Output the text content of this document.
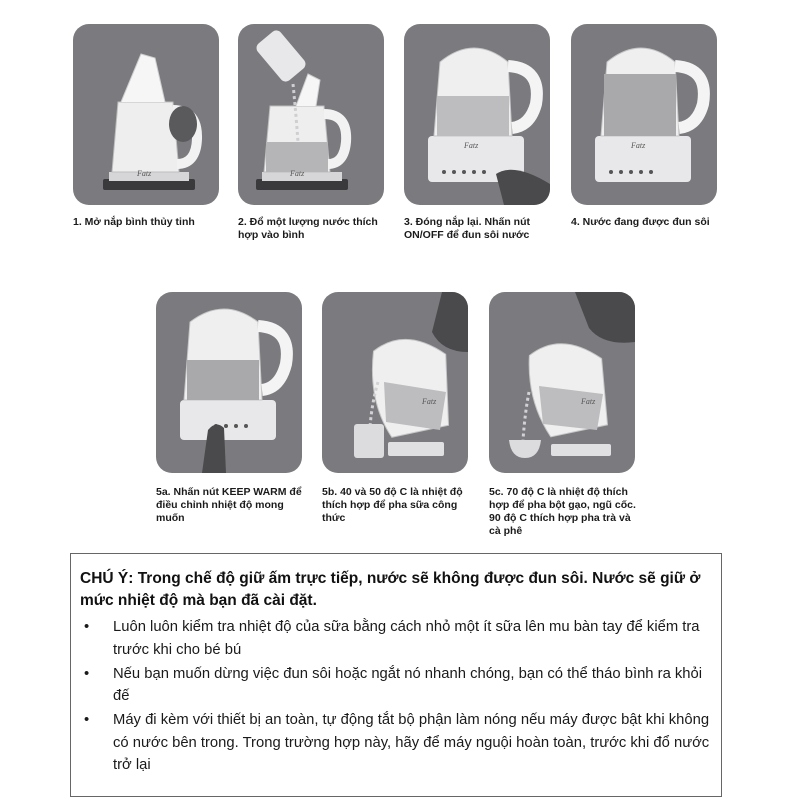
Fatz	Fatz
Fatz	Fatz
1. Mở nắp bình thủy tinh	2. Đổ một lượng nước thích hợp vào bình
3. Đóng nắp lại. Nhấn nút ON/OFF để đun sôi nước
4. Nước đang được đun sôi
Fatz	Fatz
5a. Nhấn nút KEEP WARM để điều chỉnh nhiệt độ mong muốn
5b. 40 và 50 độ C là nhiệt độ thích hợp để pha sữa công thức
5c. 70 độ C là nhiệt độ thích hợp để pha bột gạo, ngũ cốc. 90 độ C thích hợp pha trà và cà phê
CHÚ Ý: Trong chế độ giữ ấm trực tiếp, nước sẽ không được đun sôi. Nước sẽ giữ ở mức nhiệt độ mà bạn đã cài đặt.
• Luôn luôn kiểm tra nhiệt độ của sữa bằng cách nhỏ một ít sữa lên mu bàn tay để kiểm tra trước khi cho bé bú
• Nếu bạn muốn dừng việc đun sôi hoặc ngắt nó nhanh chóng, bạn có thể tháo bình ra khỏi đế
• Máy đi kèm với thiết bị an toàn, tự động tắt bộ phận làm nóng nếu máy được bật khi không có nước bên trong. Trong trường hợp này, hãy để máy nguội hoàn toàn, trước khi đổ nước trở lại
